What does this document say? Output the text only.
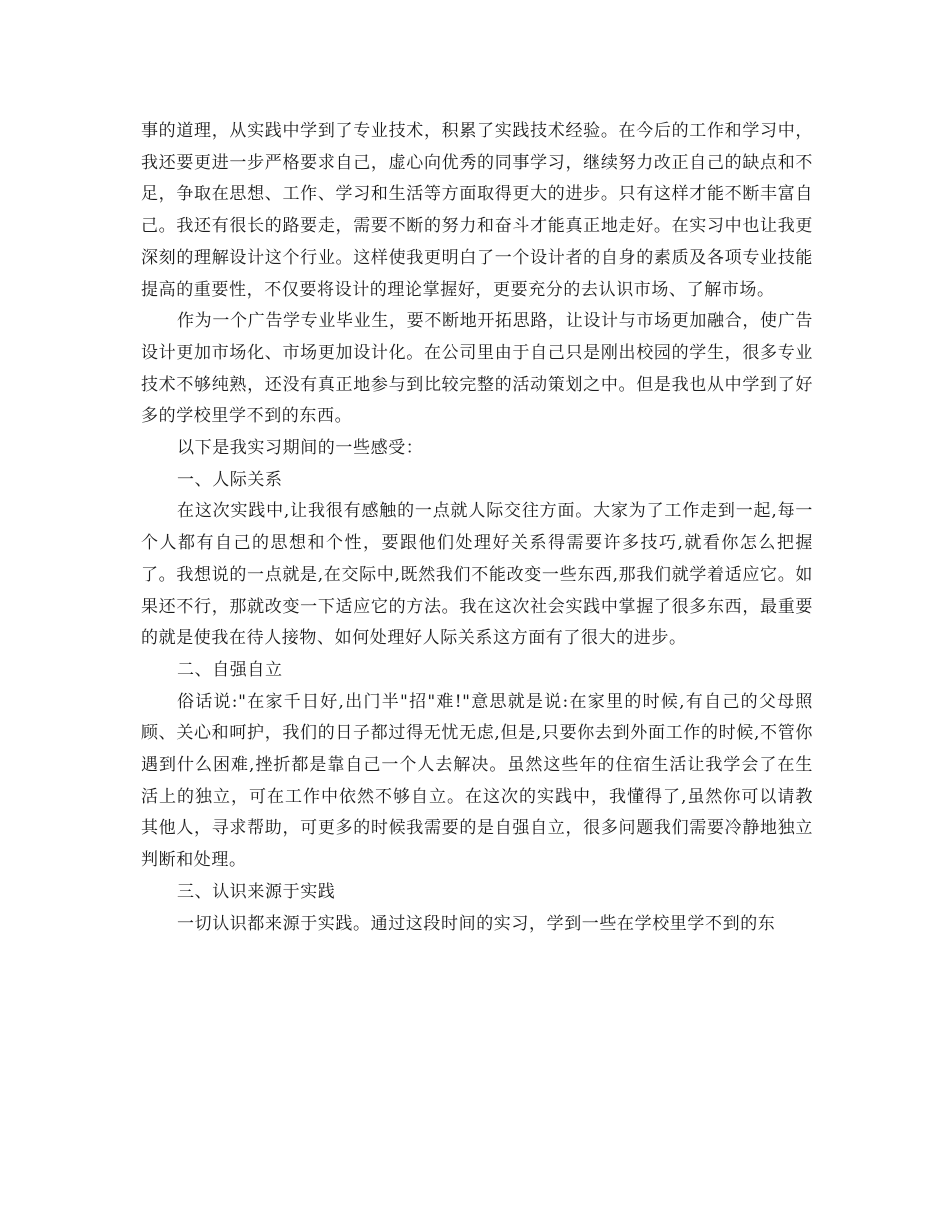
事的道理，从实践中学到了专业技术，积累了实践技术经验。在今后的工作和学习中，我还要更进一步严格要求自己，虚心向优秀的同事学习，继续努力改正自己的缺点和不足，争取在思想、工作、学习和生活等方面取得更大的进步。只有这样才能不断丰富自己。我还有很长的路要走，需要不断的努力和奋斗才能真正地走好。在实习中也让我更深刻的理解设计这个行业。这样使我更明白了一个设计者的自身的素质及各项专业技能提高的重要性，不仅要将设计的理论掌握好，更要充分的去认识市场、了解市场。

作为一个广告学专业毕业生，要不断地开拓思路，让设计与市场更加融合，使广告设计更加市场化、市场更加设计化。在公司里由于自己只是刚出校园的学生，很多专业技术不够纯熟，还没有真正地参与到比较完整的活动策划之中。但是我也从中学到了好多的学校里学不到的东西。

以下是我实习期间的一些感受：

一、人际关系

在这次实践中,让我很有感触的一点就人际交往方面。大家为了工作走到一起,每一个人都有自己的思想和个性，要跟他们处理好关系得需要许多技巧,就看你怎么把握了。我想说的一点就是,在交际中,既然我们不能改变一些东西,那我们就学着适应它。如果还不行，那就改变一下适应它的方法。我在这次社会实践中掌握了很多东西，最重要的就是使我在待人接物、如何处理好人际关系这方面有了很大的进步。

二、自强自立

俗话说:"在家千日好,出门半"招"难!"意思就是说:在家里的时候,有自己的父母照顾、关心和呵护，我们的日子都过得无忧无虑,但是,只要你去到外面工作的时候,不管你遇到什么困难,挫折都是靠自己一个人去解决。虽然这些年的住宿生活让我学会了在生活上的独立，可在工作中依然不够自立。在这次的实践中，我懂得了,虽然你可以请教其他人，寻求帮助，可更多的时候我需要的是自强自立，很多问题我们需要冷静地独立判断和处理。

三、认识来源于实践

一切认识都来源于实践。通过这段时间的实习，学到一些在学校里学不到的东
